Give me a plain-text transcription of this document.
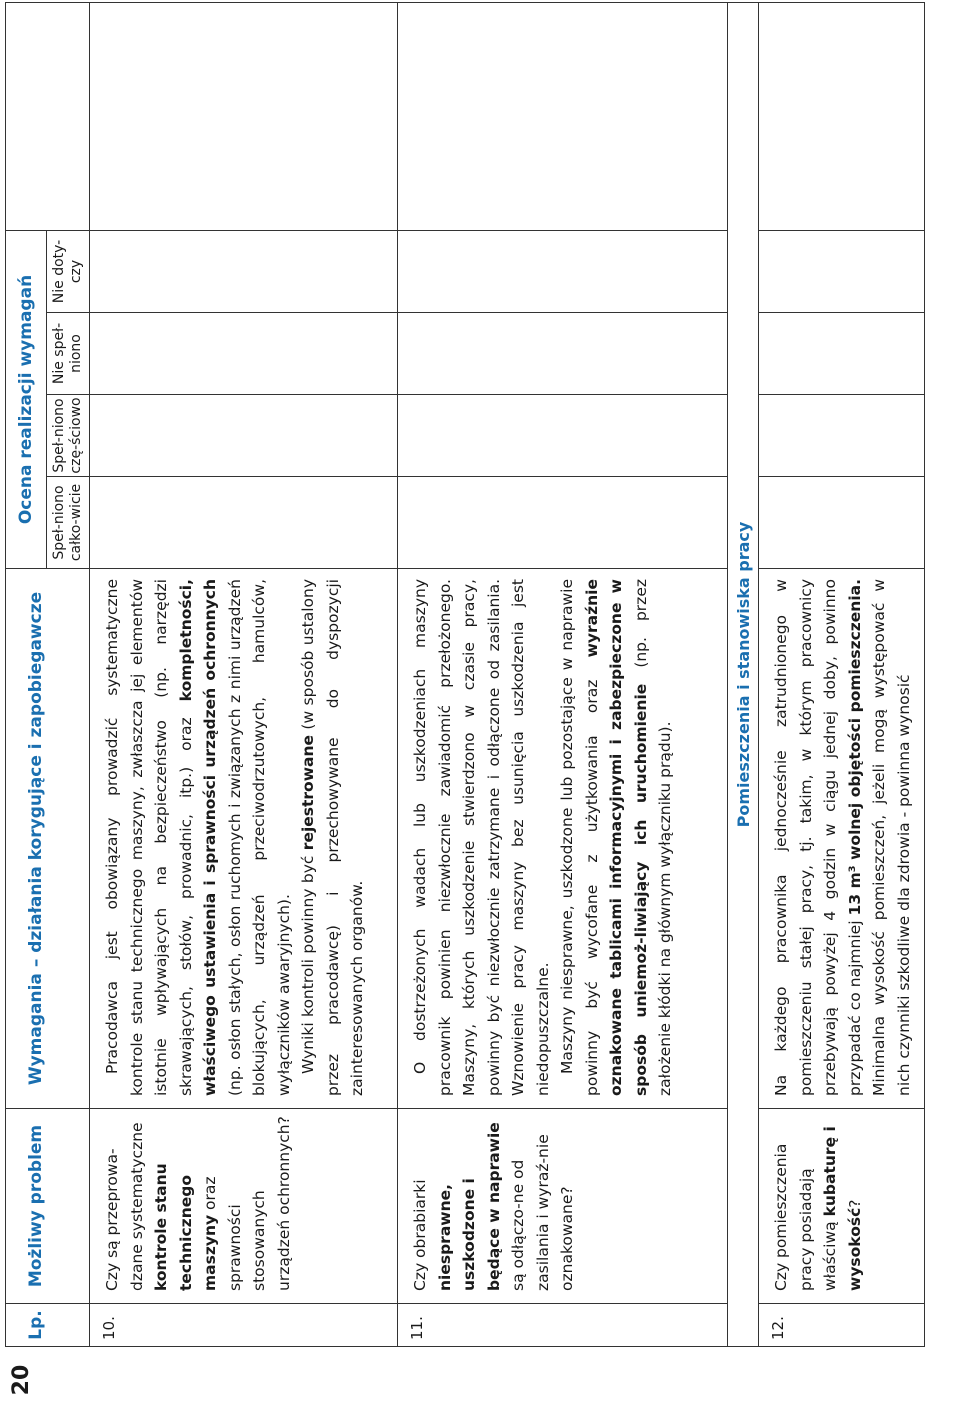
20
Lp.	Możliwy problem	Wymagania – działania korygujące i zapobiegawcze	Ocena realizacji wymagań				
			Speł-niono całko-wicie	Speł-niono czę-ściowo	Nie speł-niono	Nie doty-czy	
10.	Czy są przeprowa-dzane systematyczne kontrole stanu technicznego maszyny oraz sprawności stosowanych urządzeń ochronnych?	Pracodawca jest obowiązany prowadzić systematyczne kontrole stanu technicznego maszyny, zwłaszcza jej elementów istotnie wpływających na bezpieczeństwo (np. narzędzi skrawających, stołów, prowadnic, itp.) oraz kompletności, właściwego ustawienia i sprawności urządzeń ochronnych (np. osłon stałych, osłon ruchomych i związanych z nimi urządzeń blokujących, urządzeń przeciwodrzutowych, hamulców, wyłączników awaryjnych). Wyniki kontroli powinny być rejestrowane (w sposób ustalony przez pracodawcę) i przechowywane do dyspozycji zainteresowanych organów.					

11.	Czy obrabiarki niesprawne, uszkodzone i będące w naprawie są odłączo-ne od zasilania i wyraź-nie oznakowane?	O dostrzeżonych wadach lub uszkodzeniach maszyny pracownik powinien niezwłocznie zawiadomić przełożonego. Maszyny, których uszkodzenie stwierdzono w czasie pracy, powinny być niezwłocznie zatrzymane i odłączone od zasilania. Wznowienie pracy maszyny bez usunięcia uszkodzenia jest niedopuszczalne. Maszyny niesprawne, uszkodzone lub pozostające w naprawie powinny być wycofane z użytkowania oraz wyraźnie oznakowane tablicami informacyjnymi i zabezpieczone w sposób uniemoż-liwiający ich uruchomienie (np. przez założenie kłódki na głównym wyłączniku prądu).					

Pomieszczenia i stanowiska pracy							
12.	Czy pomieszczenia pracy posiadają właściwą kubaturę i wysokość?	Na każdego pracownika jednocześnie zatrudnionego w pomieszczeniu stałej pracy, tj. takim, w którym pracownicy przebywają powyżej 4 godzin w ciągu jednej doby, powinno przypadać co najmniej 13 m³ wolnej objętości pomieszczenia. Minimalna wysokość pomieszczeń, jeżeli mogą występować w nich czynniki szkodliwe dla zdrowia - powinna wynosić					
